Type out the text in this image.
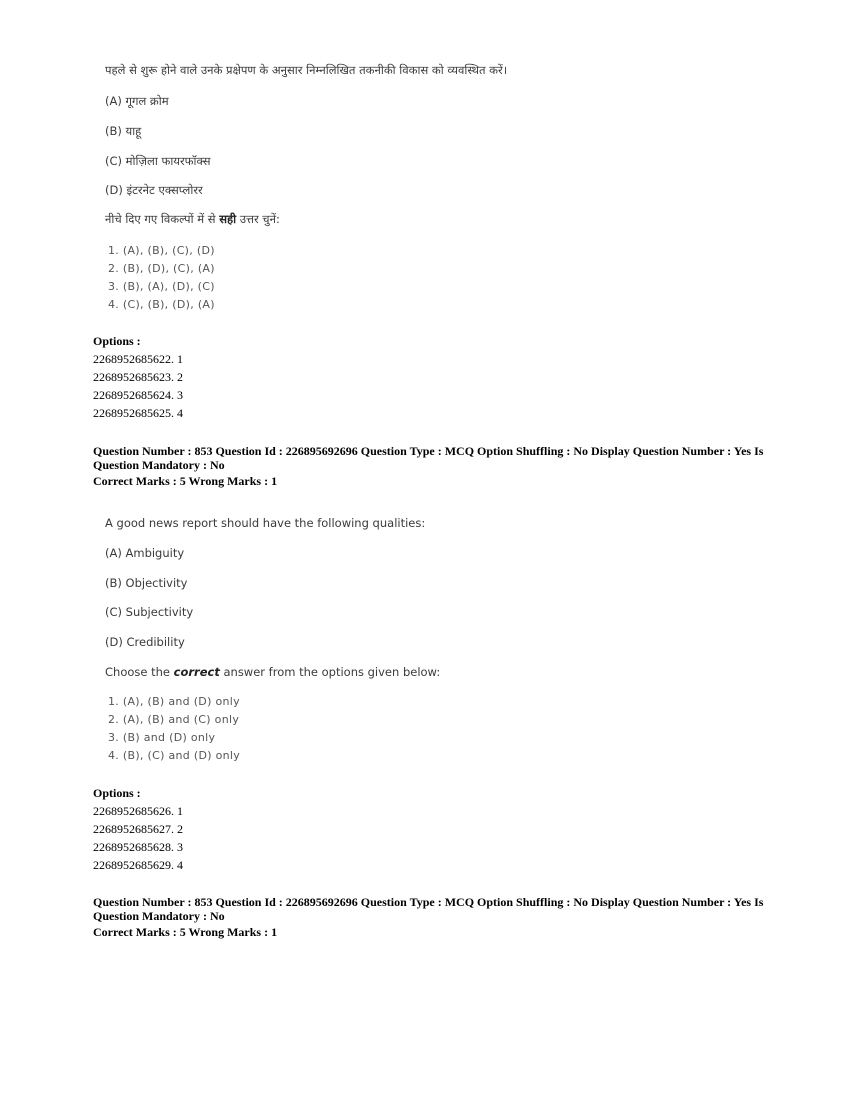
पहले से शुरू होने वाले उनके प्रक्षेपण के अनुसार निम्नलिखित तकनीकी विकास को व्यवस्थित करें।
(A) गूगल क्रोम
(B) याहू
(C) मोज़िला फायरफॉक्स
(D) इंटरनेट एक्सप्लोरर
नीचे दिए गए विकल्पों में से सही उत्तर चुनें:
1. (A), (B), (C), (D)
2. (B), (D), (C), (A)
3. (B), (A), (D), (C)
4. (C), (B), (D), (A)
Options :
2268952685622. 1
2268952685623. 2
2268952685624. 3
2268952685625. 4
Question Number : 853 Question Id : 226895692696 Question Type : MCQ Option Shuffling : No Display Question Number : Yes Is
Question Mandatory : No
Correct Marks : 5 Wrong Marks : 1
A good news report should have the following qualities:
(A) Ambiguity
(B) Objectivity
(C) Subjectivity
(D) Credibility
Choose the correct answer from the options given below:
1. (A), (B) and (D) only
2. (A), (B) and (C) only
3. (B) and (D) only
4. (B), (C) and (D) only
Options :
2268952685626. 1
2268952685627. 2
2268952685628. 3
2268952685629. 4
Question Number : 853 Question Id : 226895692696 Question Type : MCQ Option Shuffling : No Display Question Number : Yes Is
Question Mandatory : No
Correct Marks : 5 Wrong Marks : 1
